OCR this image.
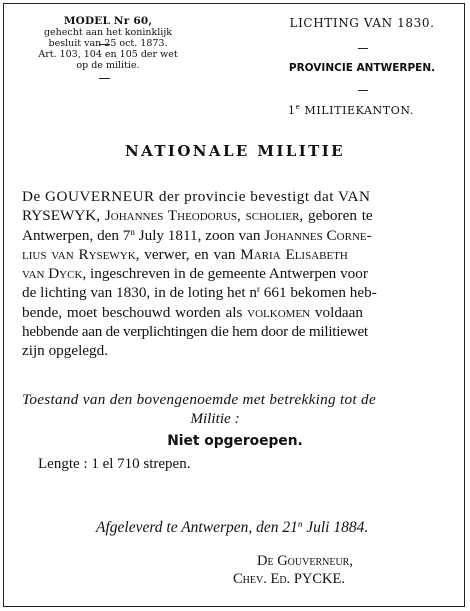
MODEL Nr 60,
gehecht aan het koninklijk
besluit van 25 oct. 1873.
Art. 103, 104 en 105 der wet
op de militie.
LICHTING VAN 1830.
PROVINCIE ANTWERPEN.
1e MILITIEKANTON.
NATIONALE MILITIE
De GOUVERNEUR der provincie bevestigt dat VAN
RYSEWYK, Johannes Theodorus, scholier, geboren te
Antwerpen, den 7$^n$ July 1811, zoon van Johannes Corne-
lius van Rysewyk, verwer, en van Maria Elisabeth
van Dyck, ingeschreven in de gemeente Antwerpen voor
de lichting van 1830, in de loting het $n^r$ 661 bekomen heb-
bende, moet beschouwd worden als volkomen voldaan
hebbende aan de verplichtingen die hem door de militiewet
zijn opgelegd.
Toestand van den bovengenoemde met betrekking tot de
Militie :
Niet opgeroepen.
Lengte : 1 el 710 strepen.
Afgeleverd te Antwerpen, den 21$^n$ Juli 1884.
De Gouverneur,
Chev. Ed. PYCKE.
